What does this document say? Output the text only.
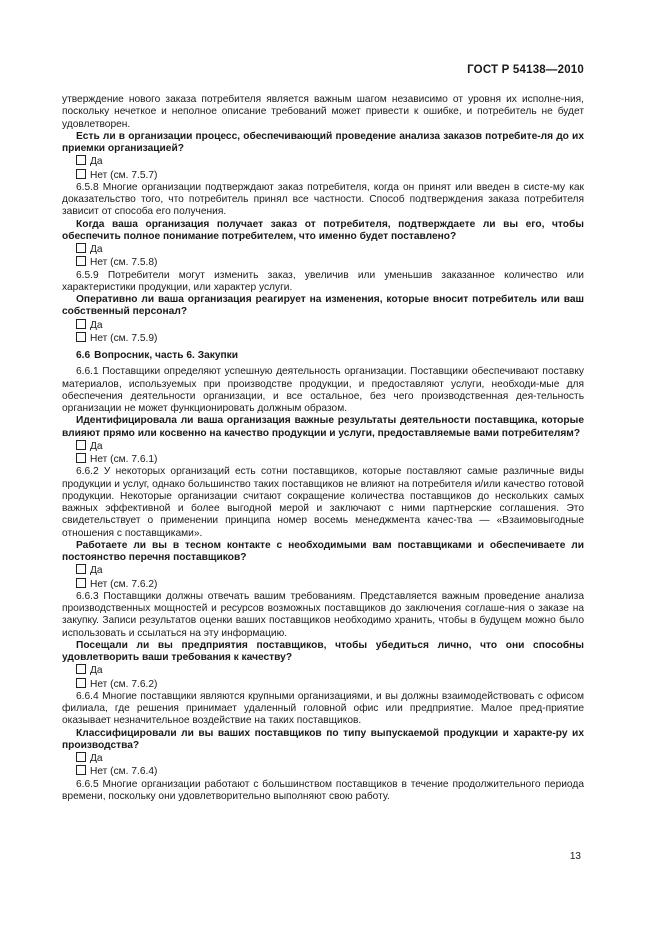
ГОСТ Р 54138—2010

утверждение нового заказа потребителя является важным шагом независимо от уровня их исполне-ния, поскольку нечеткое и неполное описание требований может привести к ошибке, и потребитель не будет удовлетворен.

Есть ли в организации процесс, обеспечивающий проведение анализа заказов потребите-ля до их приемки организацией?

Да

Нет (см. 7.5.7)

6.5.8 Многие организации подтверждают заказ потребителя, когда он принят или введен в систе-му как доказательство того, что потребитель принял все частности. Способ подтверждения заказа потребителя зависит от способа его получения.

Когда ваша организация получает заказ от потребителя, подтверждаете ли вы его, чтобы обеспечить полное понимание потребителем, что именно будет поставлено?

Да

Нет (см. 7.5.8)

6.5.9 Потребители могут изменить заказ, увеличив или уменьшив заказанное количество или характеристики продукции, или характер услуги.

Оперативно ли ваша организация реагирует на изменения, которые вносит потребитель или ваш собственный персонал?

Да

Нет (см. 7.5.9)

6.6 Вопросник, часть 6. Закупки

6.6.1 Поставщики определяют успешную деятельность организации. Поставщики обеспечивают поставку материалов, используемых при производстве продукции, и предоставляют услуги, необходи-мые для обеспечения деятельности организации, и все остальное, без чего производственная дея-тельность организации не может функционировать должным образом.

Идентифицировала ли ваша организация важные результаты деятельности поставщика, которые влияют прямо или косвенно на качество продукции и услуги, предоставляемые вами потребителям?

Да

Нет (см. 7.6.1)

6.6.2 У некоторых организаций есть сотни поставщиков, которые поставляют самые различные виды продукции и услуг, однако большинство таких поставщиков не влияют на потребителя и/или качество готовой продукции. Некоторые организации считают сокращение количества поставщиков до нескольких самых важных эффективной и более выгодной мерой и заключают с ними партнерские соглашения. Это свидетельствует о применении принципа номер восемь менеджмента качес-тва — «Взаимовыгодные отношения с поставщиками».

Работаете ли вы в тесном контакте с необходимыми вам поставщиками и обеспечиваете ли постоянство перечня поставщиков?

Да

Нет (см. 7.6.2)

6.6.3 Поставщики должны отвечать вашим требованиям. Представляется важным проведение анализа производственных мощностей и ресурсов возможных поставщиков до заключения соглаше-ния о заказе на закупку. Записи результатов оценки ваших поставщиков необходимо хранить, чтобы в будущем можно было использовать и ссылаться на эту информацию.

Посещали ли вы предприятия поставщиков, чтобы убедиться лично, что они способны удовлетворить ваши требования к качеству?

Да

Нет (см. 7.6.2)

6.6.4 Многие поставщики являются крупными организациями, и вы должны взаимодействовать с офисом филиала, где решения принимает удаленный головной офис или предприятие. Малое пред-приятие оказывает незначительное воздействие на таких поставщиков.

Классифицировали ли вы ваших поставщиков по типу выпускаемой продукции и характе-ру их производства?

Да

Нет (см. 7.6.4)

6.6.5 Многие организации работают с большинством поставщиков в течение продолжительного периода времени, поскольку они удовлетворительно выполняют свою работу.

13
